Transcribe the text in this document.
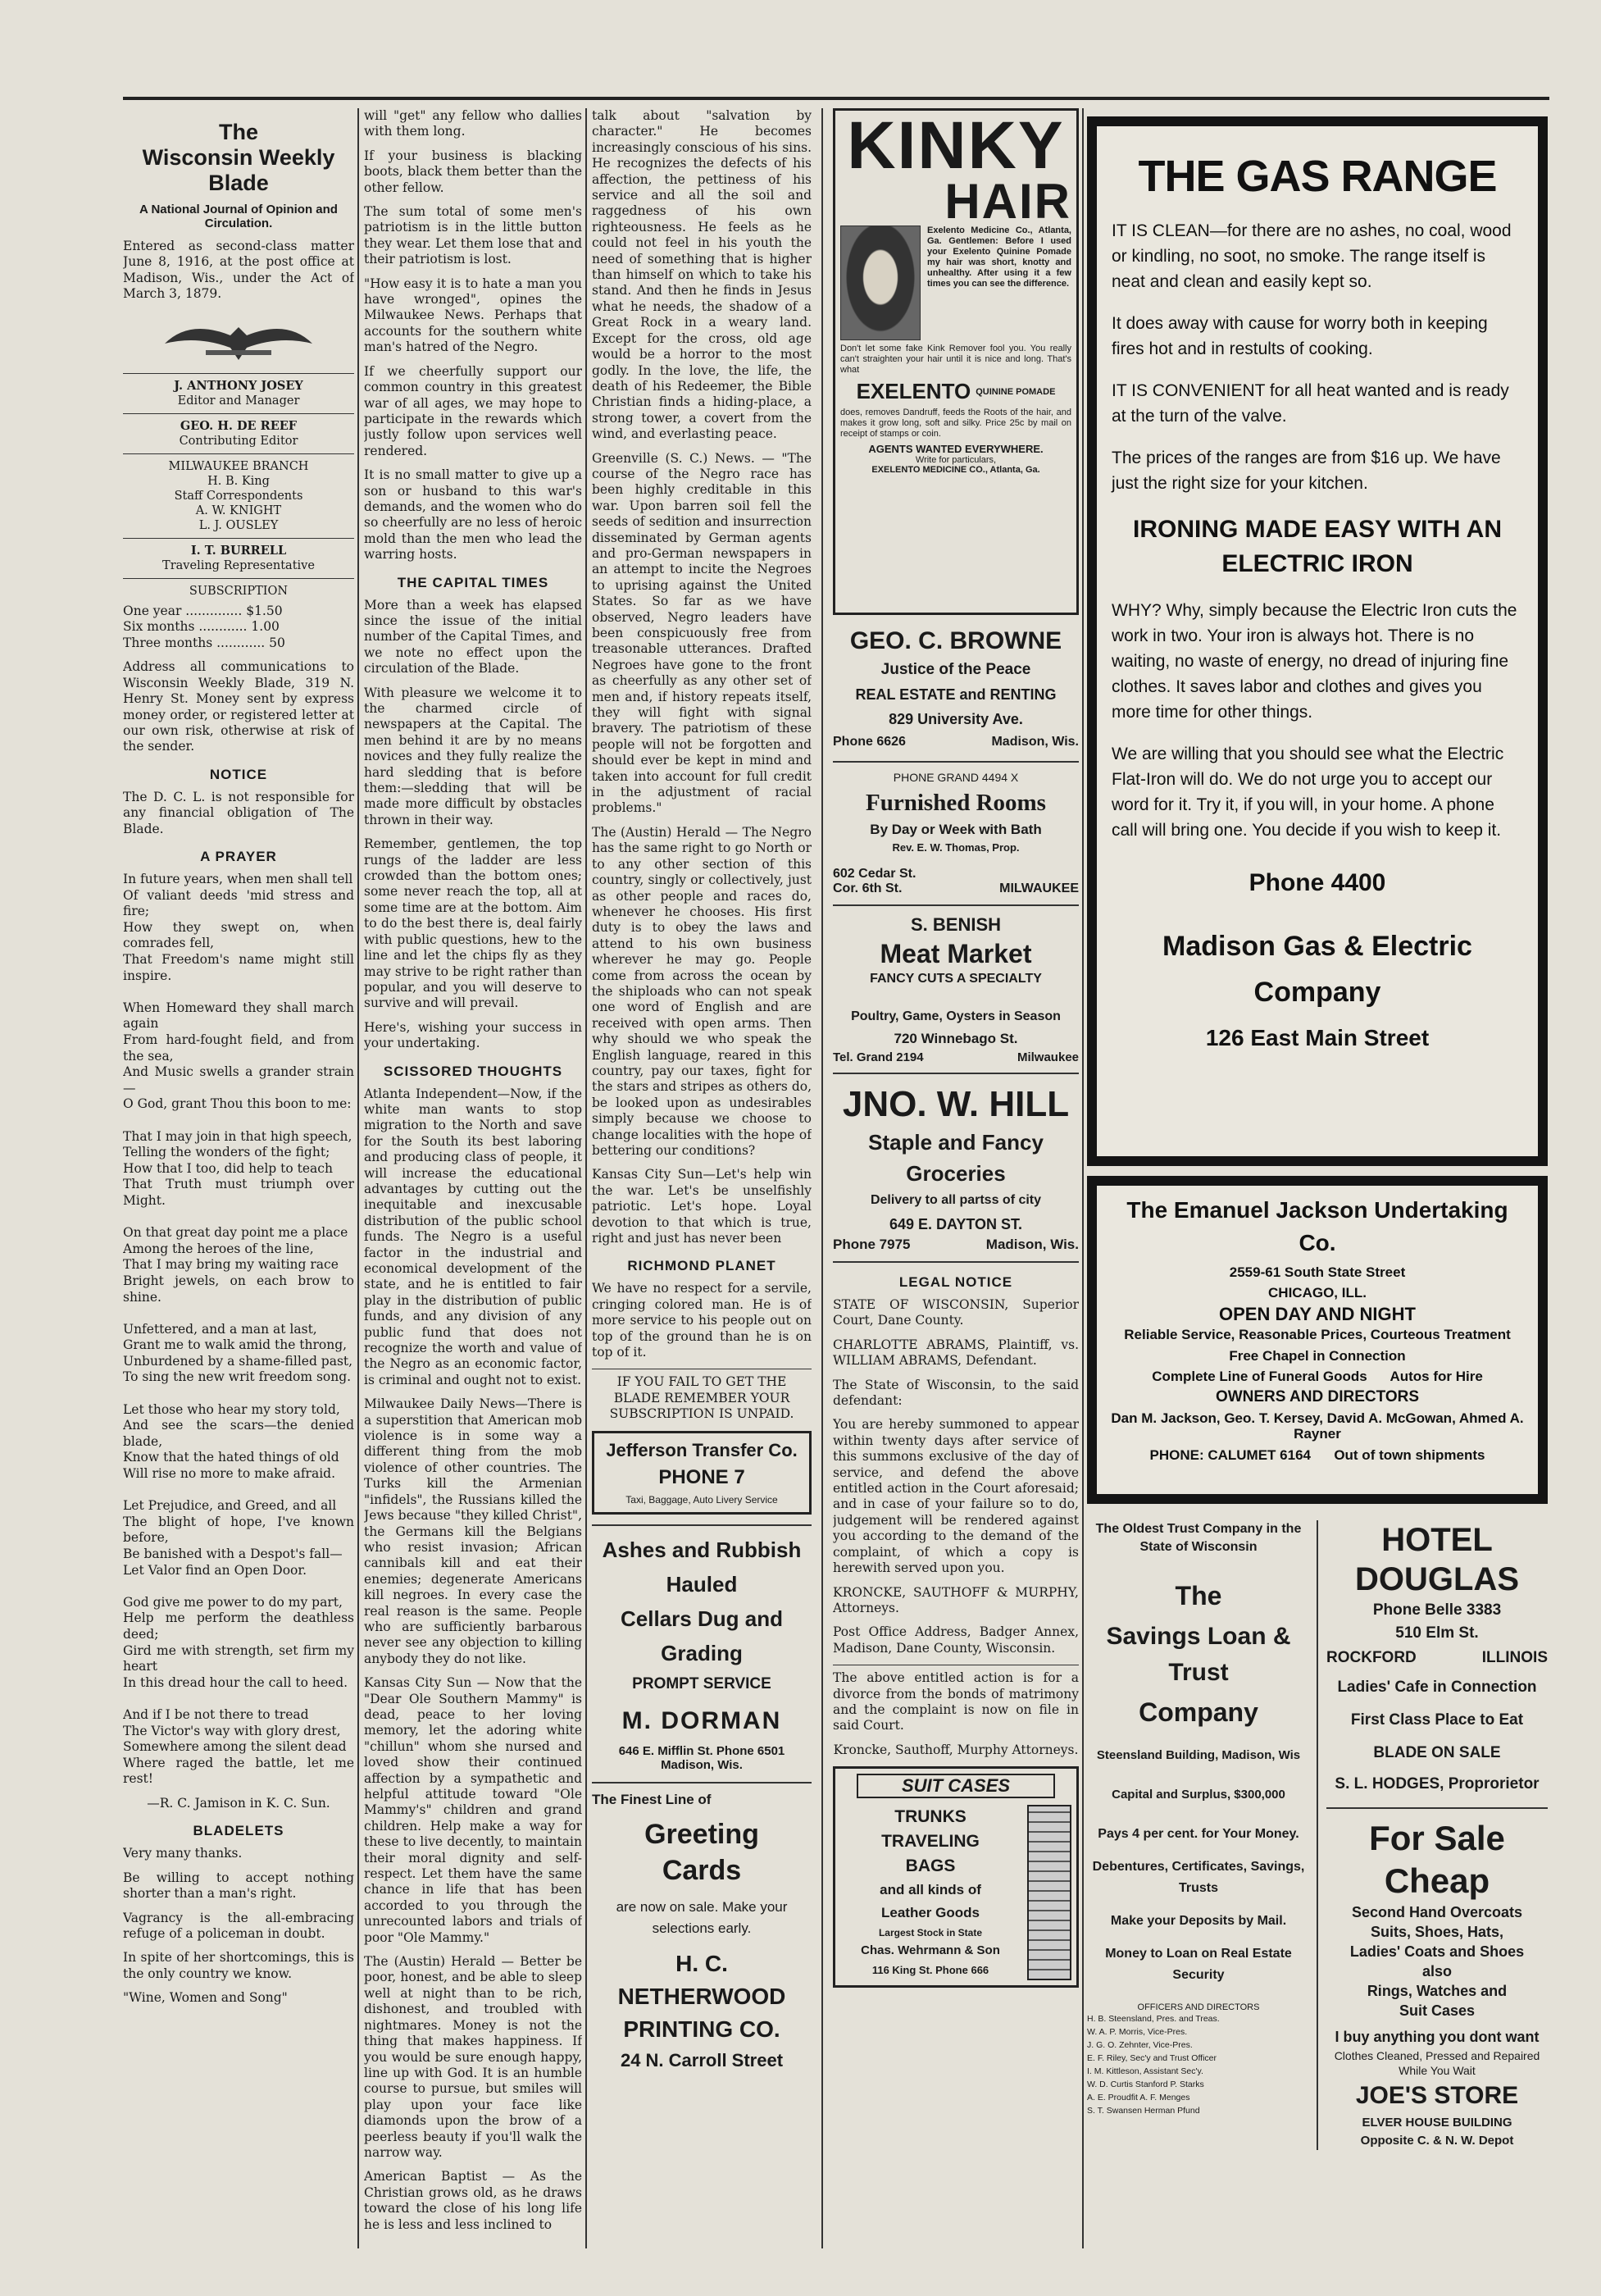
The
Wisconsin Weekly Blade
A National Journal of Opinion and Circulation.

Entered as second-class matter June 8, 1916, at the post office at Madison, Wis., under the Act of March 3, 1879.

J. ANTHONY JOSEY
Editor and Manager
GEO. H. DE REEF
Contributing Editor
MILWAUKEE BRANCH
H. B. King
Staff Correspondents
A. W. KNIGHT
L. J. OUSLEY
I. T. BURRELL
Traveling Representative
SUBSCRIPTION

One year .............. $1.50
Six months ............ 1.00
Three months ............ 50

Address all communications to Wisconsin Weekly Blade, 319 N. Henry St. Money sent by express money order, or registered letter at our own risk, otherwise at risk of the sender.

NOTICE

The D. C. L. is not responsible for any financial obligation of The Blade.

A PRAYER

In future years, when men shall tell
Of valiant deeds 'mid stress and fire;
How they swept on, when comrades fell,
That Freedom's name might still inspire.

When Homeward they shall march again
From hard-fought field, and from the sea,
And Music swells a grander strain—
O God, grant Thou this boon to me:

That I may join in that high speech,
Telling the wonders of the fight;
How that I too, did help to teach
That Truth must triumph over Might.

On that great day point me a place
Among the heroes of the line,
That I may bring my waiting race
Bright jewels, on each brow to shine.

Unfettered, and a man at last,
Grant me to walk amid the throng,
Unburdened by a shame-filled past,
To sing the new writ freedom song.

Let those who hear my story told,
And see the scars—the denied blade,
Know that the hated things of old
Will rise no more to make afraid.

Let Prejudice, and Greed, and all
The blight of hope, I've known before,
Be banished with a Despot's fall—
Let Valor find an Open Door.

God give me power to do my part,
Help me perform the deathless deed;
Gird me with strength, set firm my heart
In this dread hour the call to heed.

And if I be not there to tread
The Victor's way with glory drest,
Somewhere among the silent dead
Where raged the battle, let me rest!

—R. C. Jamison in K. C. Sun.

BLADELETS

Very many thanks.

Be willing to accept nothing shorter than a man's right.

Vagrancy is the all-embracing refuge of a policeman in doubt.

In spite of her shortcomings, this is the only country we know.

"Wine, Women and Song"

will "get" any fellow who dallies with them long.

If your business is blacking boots, black them better than the other fellow.

The sum total of some men's patriotism is in the little button they wear. Let them lose that and their patriotism is lost.

"How easy it is to hate a man you have wronged", opines the Milwaukee News. Perhaps that accounts for the southern white man's hatred of the Negro.

If we cheerfully support our common country in this greatest war of all ages, we may hope to participate in the rewards which justly follow upon services well rendered.

It is no small matter to give up a son or husband to this war's demands, and the women who do so cheerfully are no less of heroic mold than the men who lead the warring hosts.

THE CAPITAL TIMES

More than a week has elapsed since the issue of the initial number of the Capital Times, and we note no effect upon the circulation of the Blade.

With pleasure we welcome it to the charmed circle of newspapers at the Capital. The men behind it are by no means novices and they fully realize the hard sledding that is before them:—sledding that will be made more difficult by obstacles thrown in their way.

Remember, gentlemen, the top rungs of the ladder are less crowded than the bottom ones; some never reach the top, all at some time are at the bottom. Aim to do the best there is, deal fairly with public questions, hew to the line and let the chips fly as they may strive to be right rather than popular, and you will deserve to survive and will prevail.

Here's, wishing your success in your undertaking.

SCISSORED THOUGHTS

Atlanta Independent—Now, if the white man wants to stop migration to the North and save for the South its best laboring and producing class of people, it will increase the educational advantages by cutting out the inequitable and inexcusable distribution of the public school funds. The Negro is a useful factor in the industrial and economical development of the state, and he is entitled to fair play in the distribution of public funds, and any division of any public fund that does not recognize the worth and value of the Negro as an economic factor, is criminal and ought not to exist.

Milwaukee Daily News—There is a superstition that American mob violence is in some way a different thing from the mob violence of other countries. The Turks kill the Armenian "infidels", the Russians killed the Jews because "they killed Christ", the Germans kill the Belgians who resist invasion; African cannibals kill and eat their enemies; degenerate Americans kill negroes. In every case the real reason is the same. People who are sufficiently barbarous never see any objection to killing anybody they do not like.

Kansas City Sun — Now that the "Dear Ole Southern Mammy" is dead, peace to her loving memory, let the adoring white "chillun" whom she nursed and loved show their continued affection by a sympathetic and helpful attitude toward "Ole Mammy's" children and grand children. Help make a way for these to live decently, to maintain their moral dignity and self-respect. Let them have the same chance in life that has been accorded to you through the unrecounted labors and trials of poor "Ole Mammy."

The (Austin) Herald — Better be poor, honest, and be able to sleep well at night than to be rich, dishonest, and troubled with nightmares. Money is not the thing that makes happiness. If you would be sure enough happy, line up with God. It is an humble course to pursue, but smiles will play upon your face like diamonds upon the brow of a peerless beauty if you'll walk the narrow way.

American Baptist — As the Christian grows old, as he draws toward the close of his long life he is less and less inclined to

talk about "salvation by character." He becomes increasingly conscious of his sins. He recognizes the defects of his affection, the pettiness of his service and all the soil and raggedness of his own righteousness. He feels as he could not feel in his youth the need of something that is higher than himself on which to take his stand. And then he finds in Jesus what he needs, the shadow of a Great Rock in a weary land. Except for the cross, old age would be a horror to the most godly. In the love, the life, the death of his Redeemer, the Bible Christian finds a hiding-place, a strong tower, a covert from the wind, and everlasting peace.

Greenville (S. C.) News. — "The course of the Negro race has been highly creditable in this war. Upon barren soil fell the seeds of sedition and insurrection disseminated by German agents and pro-German newspapers in an attempt to incite the Negroes to uprising against the United States. So far as we have observed, Negro leaders have been conspicuously free from treasonable utterances. Drafted Negroes have gone to the front as cheerfully as any other set of men and, if history repeats itself, they will fight with signal bravery. The patriotism of these people will not be forgotten and should ever be kept in mind and taken into account for full credit in the adjustment of racial problems."

The (Austin) Herald — The Negro has the same right to go North or to any other section of this country, singly or collectively, just as other people and races do, whenever he chooses. His first duty is to obey the laws and attend to his own business wherever he may go. People come from across the ocean by the shiploads who can not speak one word of English and are received with open arms. Then why should we who speak the English language, reared in this country, pay our taxes, fight for the stars and stripes as others do, be looked upon as undesirables simply because we choose to change localities with the hope of bettering our conditions?

Kansas City Sun—Let's help win the war. Let's be unselfishly patriotic. Let's hope. Loyal devotion to that which is true, right and just has never been

RICHMOND PLANET

We have no respect for a servile, cringing colored man. He is of more service to his people out on top of the ground than he is on top of it.

IF YOU FAIL TO GET THE BLADE REMEMBER YOUR SUBSCRIPTION IS UNPAID.

Jefferson Transfer Co.
PHONE 7
Taxi, Baggage, Auto Livery Service
Ashes and Rubbish
Hauled
Cellars Dug and
Grading
PROMPT SERVICE
M. DORMAN
646 E. Mifflin St. Phone 6501
Madison, Wis.
The Finest Line of
Greeting
Cards
are now on sale. Make your selections early.
H. C. NETHERWOOD
PRINTING CO.
24 N. Carroll Street
KINKY
HAIR
Exelento Medicine Co., Atlanta, Ga. Gentlemen: Before I used your Exelento Quinine Pomade my hair was short, knotty and unhealthy. After using it a few times you can see the difference.
Don't let some fake Kink Remover fool you. You really can't straighten your hair until it is nice and long. That's what
EXELENTO QUININE POMADE
does, removes Dandruff, feeds the Roots of the hair, and makes it grow long, soft and silky. Price 25c by mail on receipt of stamps or coin.
AGENTS WANTED EVERYWHERE.
Write for particulars,
EXELENTO MEDICINE CO., Atlanta, Ga.
GEO. C. BROWNE
Justice of the Peace
REAL ESTATE and RENTING
829 University Ave.
Phone 6626	Madison, Wis.
PHONE GRAND 4494 X
Furnished Rooms
By Day or Week with Bath
Rev. E. W. Thomas, Prop.
602 Cedar St.
Cor. 6th St.	MILWAUKEE
S. BENISH
Meat Market
FANCY CUTS A SPECIALTY
Poultry, Game, Oysters in Season
720 Winnebago St.
Tel. Grand 2194	Milwaukee
JNO. W. HILL
Staple and Fancy
Groceries
Delivery to all partss of city
649 E. DAYTON ST.
Phone 7975	Madison, Wis.
LEGAL NOTICE

STATE OF WISCONSIN, Superior Court, Dane County.

CHARLOTTE ABRAMS, Plaintiff, vs. WILLIAM ABRAMS, Defendant.

The State of Wisconsin, to the said defendant:

You are hereby summoned to appear within twenty days after service of this summons exclusive of the day of service, and defend the above entitled action in the Court aforesaid; and in case of your failure so to do, judgement will be rendered against you according to the demand of the complaint, of which a copy is herewith served upon you.

KRONCKE, SAUTHOFF & MURPHY, Attorneys.

Post Office Address, Badger Annex, Madison, Dane County, Wisconsin.

The above entitled action is for a divorce from the bonds of matrimony and the complaint is now on file in said Court.

Kroncke, Sauthoff, Murphy Attorneys.

SUIT CASES
TRUNKS
TRAVELING
BAGS
and all kinds of
Leather Goods
Largest Stock in State
Chas. Wehrmann & Son
116 King St. Phone 666
THE GAS RANGE

IT IS CLEAN—for there are no ashes, no coal, wood or kindling, no soot, no smoke. The range itself is neat and clean and easily kept so.

It does away with cause for worry both in keeping fires hot and in restults of cooking.

IT IS CONVENIENT for all heat wanted and is ready at the turn of the valve.

The prices of the ranges are from $16 up. We have just the right size for your kitchen.

IRONING MADE EASY WITH AN ELECTRIC IRON

WHY? Why, simply because the Electric Iron cuts the work in two. Your iron is always hot. There is no waiting, no waste of energy, no dread of injuring fine clothes. It saves labor and clothes and gives you more time for other things.

We are willing that you should see what the Electric Flat-Iron will do. We do not urge you to accept our word for it. Try it, if you will, in your home. A phone call will bring one. You decide if you wish to keep it.

Phone 4400
Madison Gas & Electric
Company
126 East Main Street

The Emanuel Jackson Undertaking Co.

2559-61 South State Street

CHICAGO, ILL.

OPEN DAY AND NIGHT

Reliable Service, Reasonable Prices, Courteous Treatment

Free Chapel in Connection

Complete Line of Funeral Goods      Autos for Hire

OWNERS AND DIRECTORS

Dan M. Jackson, Geo. T. Kersey, David A. McGowan, Ahmed A. Rayner

PHONE: CALUMET 6164      Out of town shipments

The Oldest Trust Company in the State of Wisconsin
The
Savings Loan & Trust
Company
Steensland Building, Madison, Wis
Capital and Surplus, $300,000
Pays 4 per cent. for Your Money.
Debentures, Certificates, Savings, Trusts
Make your Deposits by Mail.
Money to Loan on Real Estate Security
OFFICERS AND DIRECTORS
H. B. Steensland, Pres. and Treas.
W. A. P. Morris, Vice-Pres.
J. G. O. Zehnter, Vice-Pres.
E. F. Riley, Sec'y and Trust Officer
I. M. Kittleson, Assistant Sec'y.
W. D. Curtis Stanford P. Starks
A. E. Proudfit A. F. Menges
S. T. Swansen Herman Pfund
HOTEL DOUGLAS
Phone Belle 3383
510 Elm St.
ROCKFORD	ILLINOIS
Ladies' Cafe in Connection
First Class Place to Eat
BLADE ON SALE
S. L. HODGES, Proprorietor
For Sale Cheap
Second Hand Overcoats
Suits, Shoes, Hats,
Ladies' Coats and Shoes
also
Rings, Watches and
Suit Cases
I buy anything you dont want
Clothes Cleaned, Pressed and Repaired While You Wait
JOE'S STORE
ELVER HOUSE BUILDING
Opposite C. & N. W. Depot
